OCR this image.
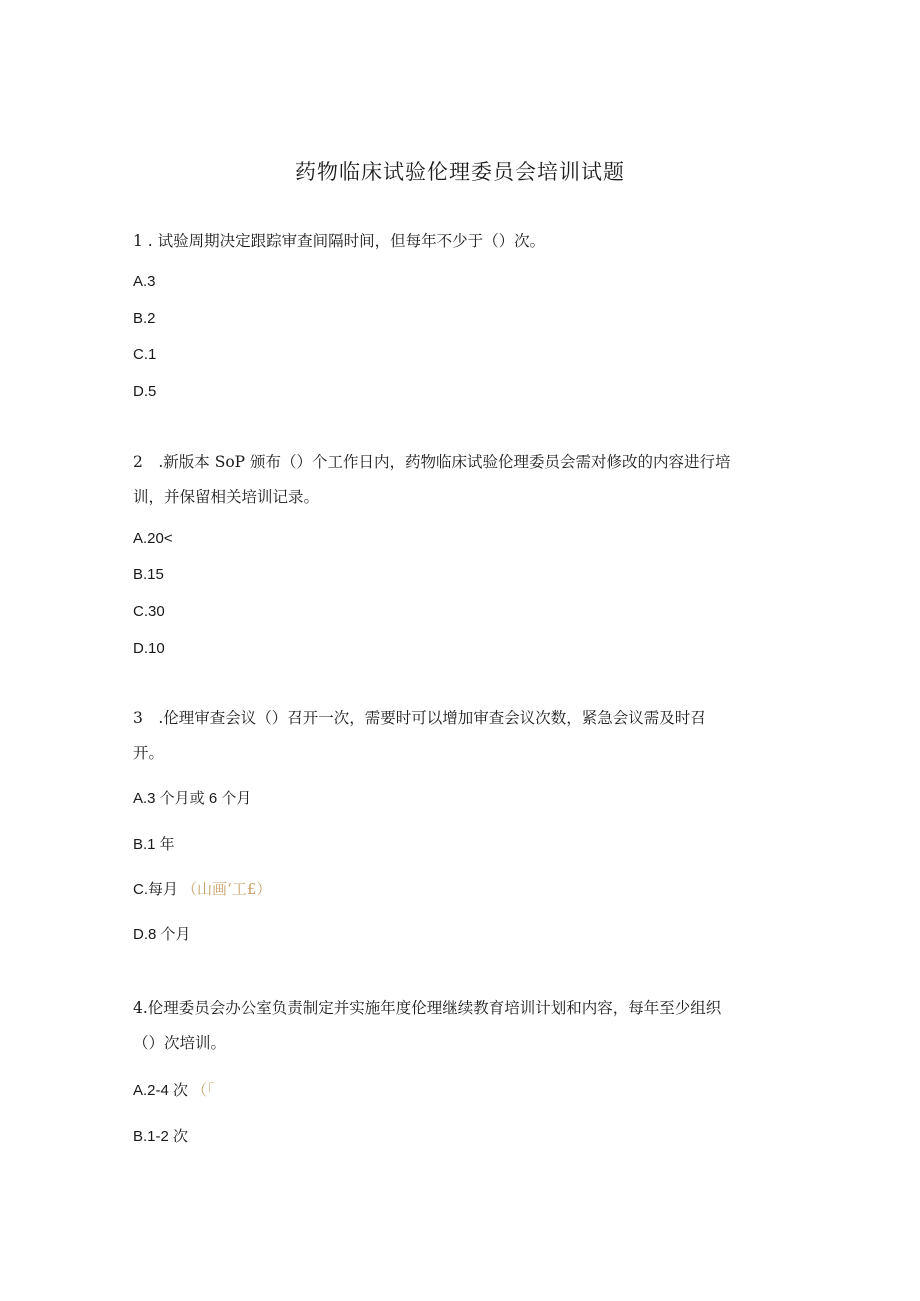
药物临床试验伦理委员会培训试题
1 . 试验周期决定跟踪审查间隔时间，但每年不少于（）次。
A.3
B.2
C.1
D.5
2　.新版本 SoP 颁布（）个工作日内，药物临床试验伦理委员会需对修改的内容进行培
训，并保留相关培训记录。
A.20<
B.15
C.30
D.10
3　.伦理审查会议（）召开一次，需要时可以增加审查会议次数，紧急会议需及时召
开。
A.3 个月或 6 个月
B.1 年
C.每月 （山画‘工£）
D.8 个月
4.伦理委员会办公室负责制定并实施年度伦理继续教育培训计划和内容，每年至少组织
（）次培训。
A.2-4 次 （「
B.1-2 次
